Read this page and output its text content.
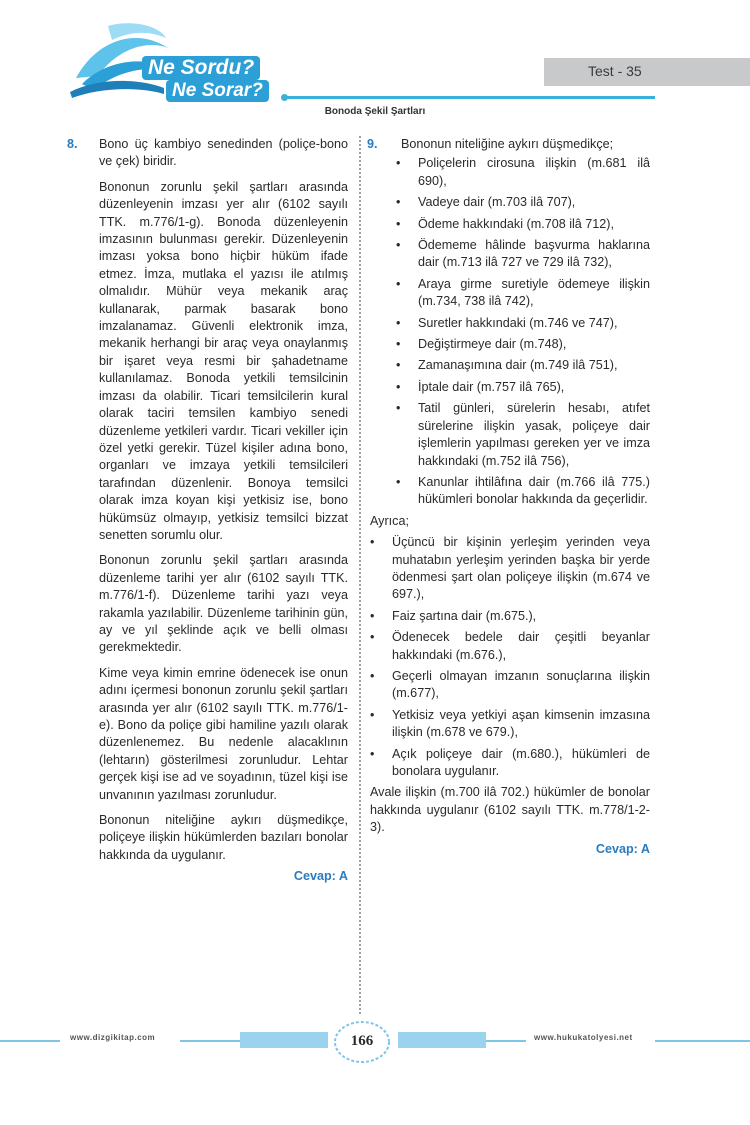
Ne Sordu?
Ne Sorar?
Test - 35
Bonoda Şekil Şartları
8. Bono üç kambiyo senedinden (poliçe-bono ve çek) biridir.

Bononun zorunlu şekil şartları arasında düzenleyenin imzası yer alır (6102 sayılı TTK. m.776/1-g). Bonoda düzenleyenin imzasının bulunması gerekir. Düzenleyenin imzası yoksa bono hiçbir hüküm ifade etmez. İmza, mutlaka el yazısı ile atılmış olmalıdır. Mühür veya mekanik araç kullanarak, parmak basarak bono imzalanamaz. Güvenli elektronik imza, mekanik herhangi bir araç veya onaylanmış bir işaret veya resmi bir şahadetname kullanılamaz. Bonoda yetkili temsilcinin imzası da olabilir. Ticari temsilcilerin kural olarak taciri temsilen kambiyo senedi düzenleme yetkileri vardır. Ticari vekiller için özel yetki gerekir. Tüzel kişiler adına bono, organları ve imzaya yetkili temsilcileri tarafından düzenlenir. Bonoya temsilci olarak imza koyan kişi yetkisiz ise, bono hükümsüz olmayıp, yetkisiz temsilci bizzat senetten sorumlu olur.

Bononun zorunlu şekil şartları arasında düzenleme tarihi yer alır (6102 sayılı TTK. m.776/1-f). Düzenleme tarihi yazı veya rakamla yazılabilir. Düzenleme tarihinin gün, ay ve yıl şeklinde açık ve belli olması gerekmektedir.

Kime veya kimin emrine ödenecek ise onun adını içermesi bononun zorunlu şekil şartları arasında yer alır (6102 sayılı TTK. m.776/1-e). Bono da poliçe gibi hamiline yazılı olarak düzenlenemez. Bu nedenle alacaklının (lehtarın) gösterilmesi zorunludur. Lehtar gerçek kişi ise ad ve soyadının, tüzel kişi ise unvanının yazılması zorunludur.

Bononun niteliğine aykırı düşmedikçe, poliçeye ilişkin hükümlerden bazıları bonolar hakkında da uygulanır.

Cevap: A
9. Bononun niteliğine aykırı düşmedikçe;
• Poliçelerin cirosuna ilişkin (m.681 ilâ 690),
• Vadeye dair (m.703 ilâ 707),
• Ödeme hakkındaki (m.708 ilâ 712),
• Ödememe hâlinde başvurma haklarına dair (m.713 ilâ 727 ve 729 ilâ 732),
• Araya girme suretiyle ödemeye ilişkin (m.734, 738 ilâ 742),
• Suretler hakkındaki (m.746 ve 747),
• Değiştirmeye dair (m.748),
• Zamanaşımına dair (m.749 ilâ 751),
• İptale dair (m.757 ilâ 765),
• Tatil günleri, sürelerin hesabı, atıfet sürelerine ilişkin yasak, poliçeye dair işlemlerin yapılması gereken yer ve imza hakkındaki (m.752 ilâ 756),
• Kanunlar ihtilâfına dair (m.766 ilâ 775.) hükümleri bonolar hakkında da geçerlidir.
Ayrıca;
• Üçüncü bir kişinin yerleşim yerinden veya muhatabın yerleşim yerinden başka bir yerde ödenmesi şart olan poliçeye ilişkin (m.674 ve 697.),
• Faiz şartına dair (m.675.),
• Ödenecek bedele dair çeşitli beyanlar hakkındaki (m.676.),
• Geçerli olmayan imzanın sonuçlarına ilişkin (m.677),
• Yetkisiz veya yetkiyi aşan kimsenin imzasına ilişkin (m.678 ve 679.),
• Açık poliçeye dair (m.680.), hükümleri de bonolara uygulanır.

Avale ilişkin (m.700 ilâ 702.) hükümler de bonolar hakkında uygulanır (6102 sayılı TTK. m.778/1-2-3).

Cevap: A
www.dizgikitap.com	www.hukukatolyesi.net
166
